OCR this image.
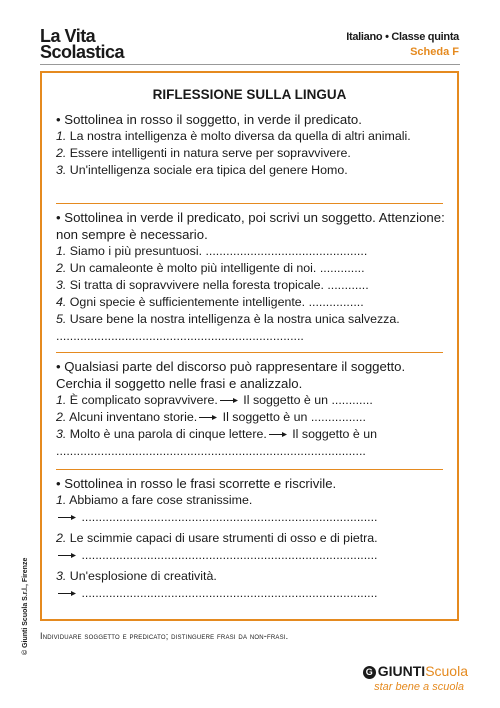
La Vita
Scolastica
Italiano • Classe quinta
Scheda F
RIFLESSIONE SULLA LINGUA
• Sottolinea in rosso il soggetto, in verde il predicato.
1. La nostra intelligenza è molto diversa da quella di altri animali.
2. Essere intelligenti in natura serve per sopravvivere.
3. Un'intelligenza sociale era tipica del genere Homo.
• Sottolinea in verde il predicato, poi scrivi un soggetto. Attenzione: non sempre è necessario.
1. Siamo i più presuntuosi. ...............................................
2. Un camaleonte è molto più intelligente di noi. .............
3. Si tratta di sopravvivere nella foresta tropicale. ............
4. Ogni specie è sufficientemente intelligente. ................
5. Usare bene la nostra intelligenza è la nostra unica salvezza. ........................................................................
• Qualsiasi parte del discorso può rappresentare il soggetto. Cerchia il soggetto nelle frasi e analizzalo.
1. È complicato sopravvivere. Il soggetto è un ............
2. Alcuni inventano storie. Il soggetto è un ................
3. Molto è una parola di cinque lettere. Il soggetto è un ..........................................................................................
• Sottolinea in rosso le frasi scorrette e riscrivile.
1. Abbiamo a fare cose stranissime.
......................................................................................
2. Le scimmie capaci di usare strumenti di osso e di pietra.
......................................................................................
3. Un'esplosione di creatività.
......................................................................................
Individuare soggetto e predicato; distinguere frasi da non-frasi.
© Giunti Scuola S.r.l., Firenze
G GIUNTIScuola
star bene a scuola
